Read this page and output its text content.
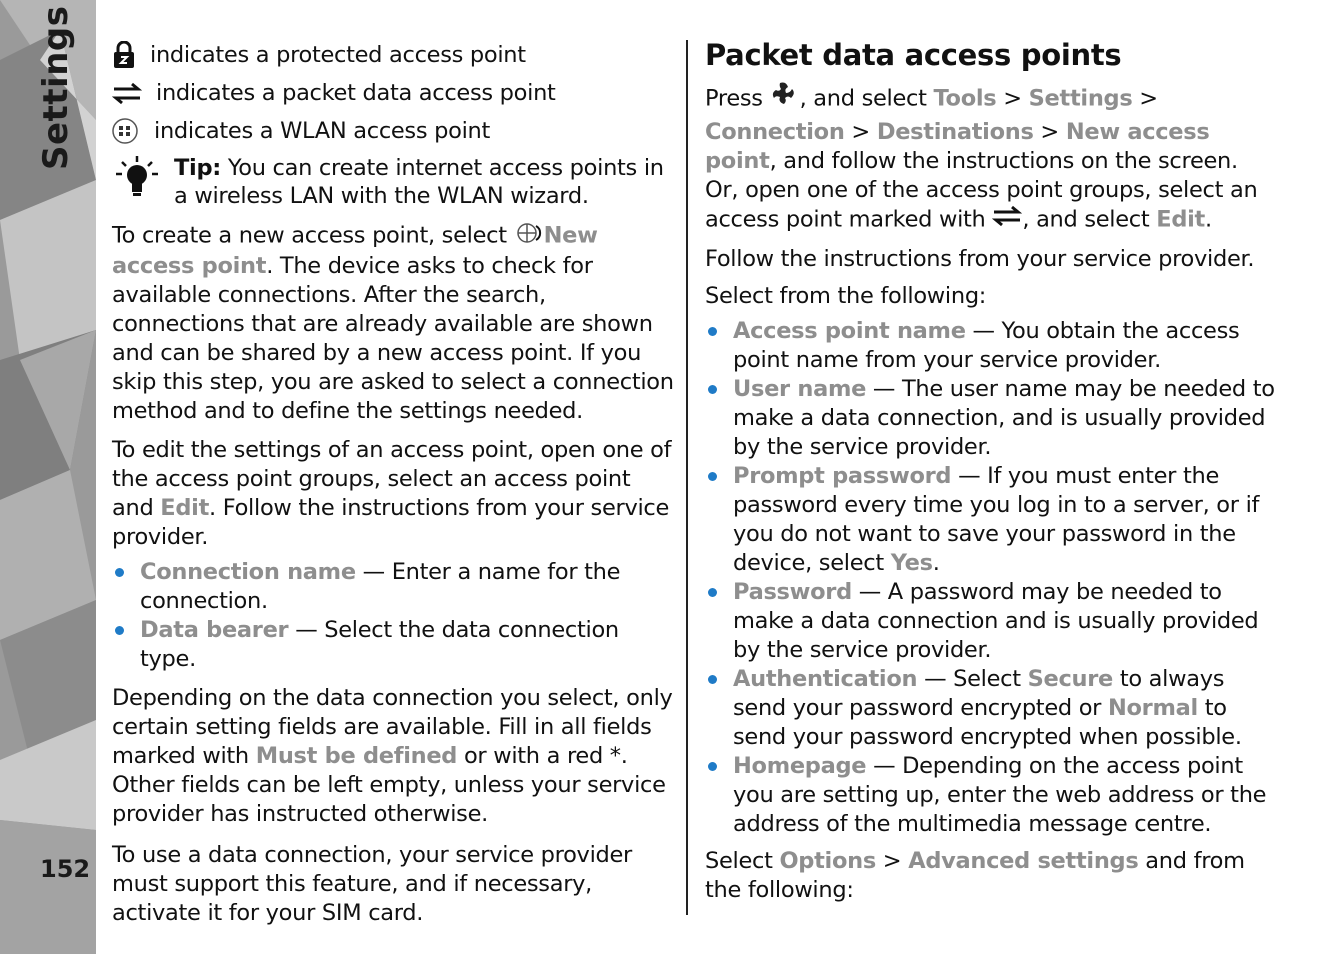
Settings
152
indicates a protected access point
indicates a packet data access point
indicates a WLAN access point

Tip: You can create internet access points in a wireless LAN with the WLAN wizard.

To create a new access point, select New access point. The device asks to check for available connections. After the search, connections that are already available are shown and can be shared by a new access point. If you skip this step, you are asked to select a connection method and to define the settings needed.

To edit the settings of an access point, open one of the access point groups, select an access point and Edit. Follow the instructions from your service provider.

Connection name — Enter a name for the connection.
Data bearer — Select the data connection type.

Depending on the data connection you select, only certain setting fields are available. Fill in all fields marked with Must be defined or with a red *. Other fields can be left empty, unless your service provider has instructed otherwise.

To use a data connection, your service provider must support this feature, and if necessary, activate it for your SIM card.

Packet data access points

Press , and select Tools > Settings > Connection > Destinations > New access point, and follow the instructions on the screen. Or, open one of the access point groups, select an access point marked with , and select Edit.

Follow the instructions from your service provider.

Select from the following:

Access point name — You obtain the access point name from your service provider.
User name — The user name may be needed to make a data connection, and is usually provided by the service provider.
Prompt password — If you must enter the password every time you log in to a server, or if you do not want to save your password in the device, select Yes.
Password — A password may be needed to make a data connection and is usually provided by the service provider.
Authentication — Select Secure to always send your password encrypted or Normal to send your password encrypted when possible.
Homepage — Depending on the access point you are setting up, enter the web address or the address of the multimedia message centre.

Select Options > Advanced settings and from the following:
